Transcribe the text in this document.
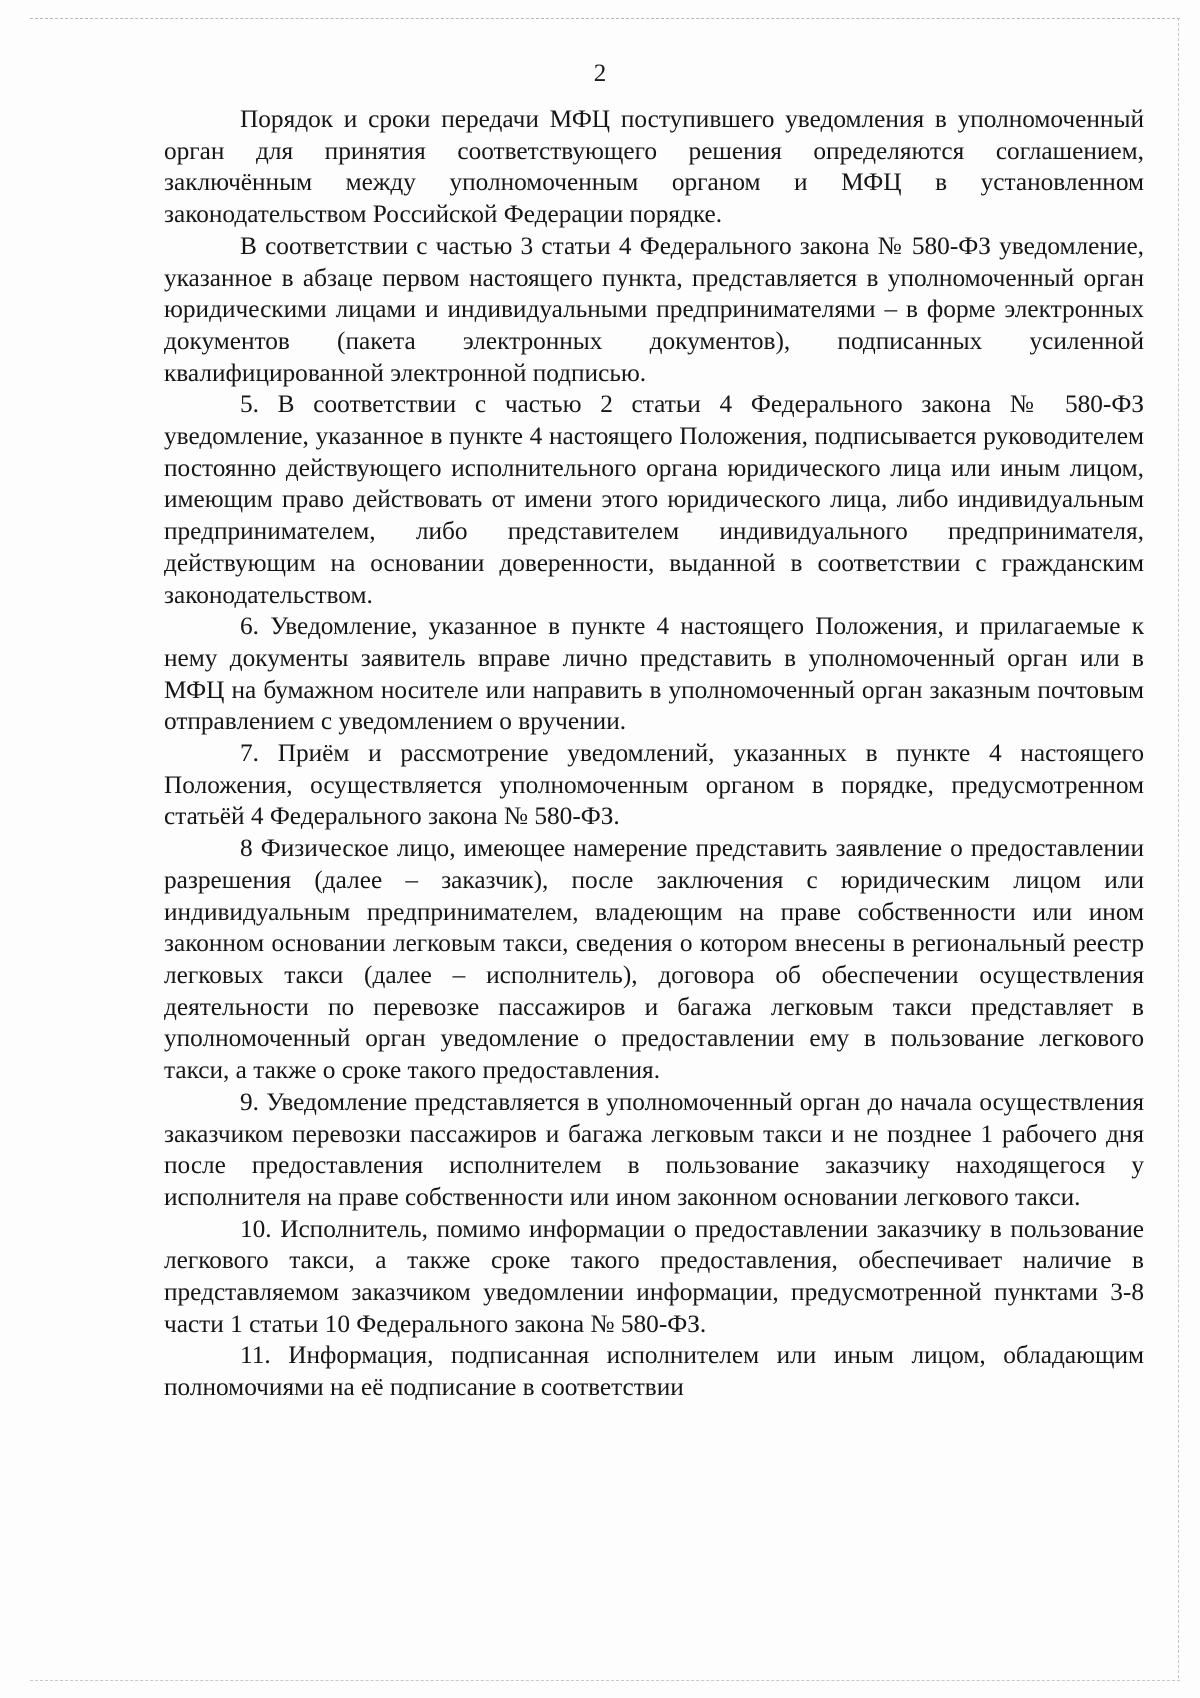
2

Порядок и сроки передачи МФЦ поступившего уведомления в уполномоченный орган для принятия соответствующего решения определяются соглашением, заключённым между уполномоченным органом и МФЦ в установленном законодательством Российской Федерации порядке.

В соответствии с частью 3 статьи 4 Федерального закона № 580-ФЗ уведомление, указанное в абзаце первом настоящего пункта, представляется в уполномоченный орган юридическими лицами и индивидуальными предпринимателями – в форме электронных документов (пакета электронных документов), подписанных усиленной квалифицированной электронной подписью.

5. В соответствии с частью 2 статьи 4 Федерального закона № 580-ФЗ уведомление, указанное в пункте 4 настоящего Положения, подписывается руководителем постоянно действующего исполнительного органа юридического лица или иным лицом, имеющим право действовать от имени этого юридического лица, либо индивидуальным предпринимателем, либо представителем индивидуального предпринимателя, действующим на основании доверенности, выданной в соответствии с гражданским законодательством.

6. Уведомление, указанное в пункте 4 настоящего Положения, и прилагаемые к нему документы заявитель вправе лично представить в уполномоченный орган или в МФЦ на бумажном носителе или направить в уполномоченный орган заказным почтовым отправлением с уведомлением о вручении.

7. Приём и рассмотрение уведомлений, указанных в пункте 4 настоящего Положения, осуществляется уполномоченным органом в порядке, предусмотренном статьёй 4 Федерального закона № 580-ФЗ.

8 Физическое лицо, имеющее намерение представить заявление о предоставлении разрешения (далее – заказчик), после заключения с юридическим лицом или индивидуальным предпринимателем, владеющим на праве собственности или ином законном основании легковым такси, сведения о котором внесены в региональный реестр легковых такси (далее – исполнитель), договора об обеспечении осуществления деятельности по перевозке пассажиров и багажа легковым такси представляет в уполномоченный орган уведомление о предоставлении ему в пользование легкового такси, а также о сроке такого предоставления.

9. Уведомление представляется в уполномоченный орган до начала осуществления заказчиком перевозки пассажиров и багажа легковым такси и не позднее 1 рабочего дня после предоставления исполнителем в пользование заказчику находящегося у исполнителя на праве собственности или ином законном основании легкового такси.

10. Исполнитель, помимо информации о предоставлении заказчику в пользование легкового такси, а также сроке такого предоставления, обеспечивает наличие в представляемом заказчиком уведомлении информации, предусмотренной пунктами 3-8 части 1 статьи 10 Федерального закона № 580-ФЗ.

11. Информация, подписанная исполнителем или иным лицом, обладающим полномочиями на её подписание в соответствии
